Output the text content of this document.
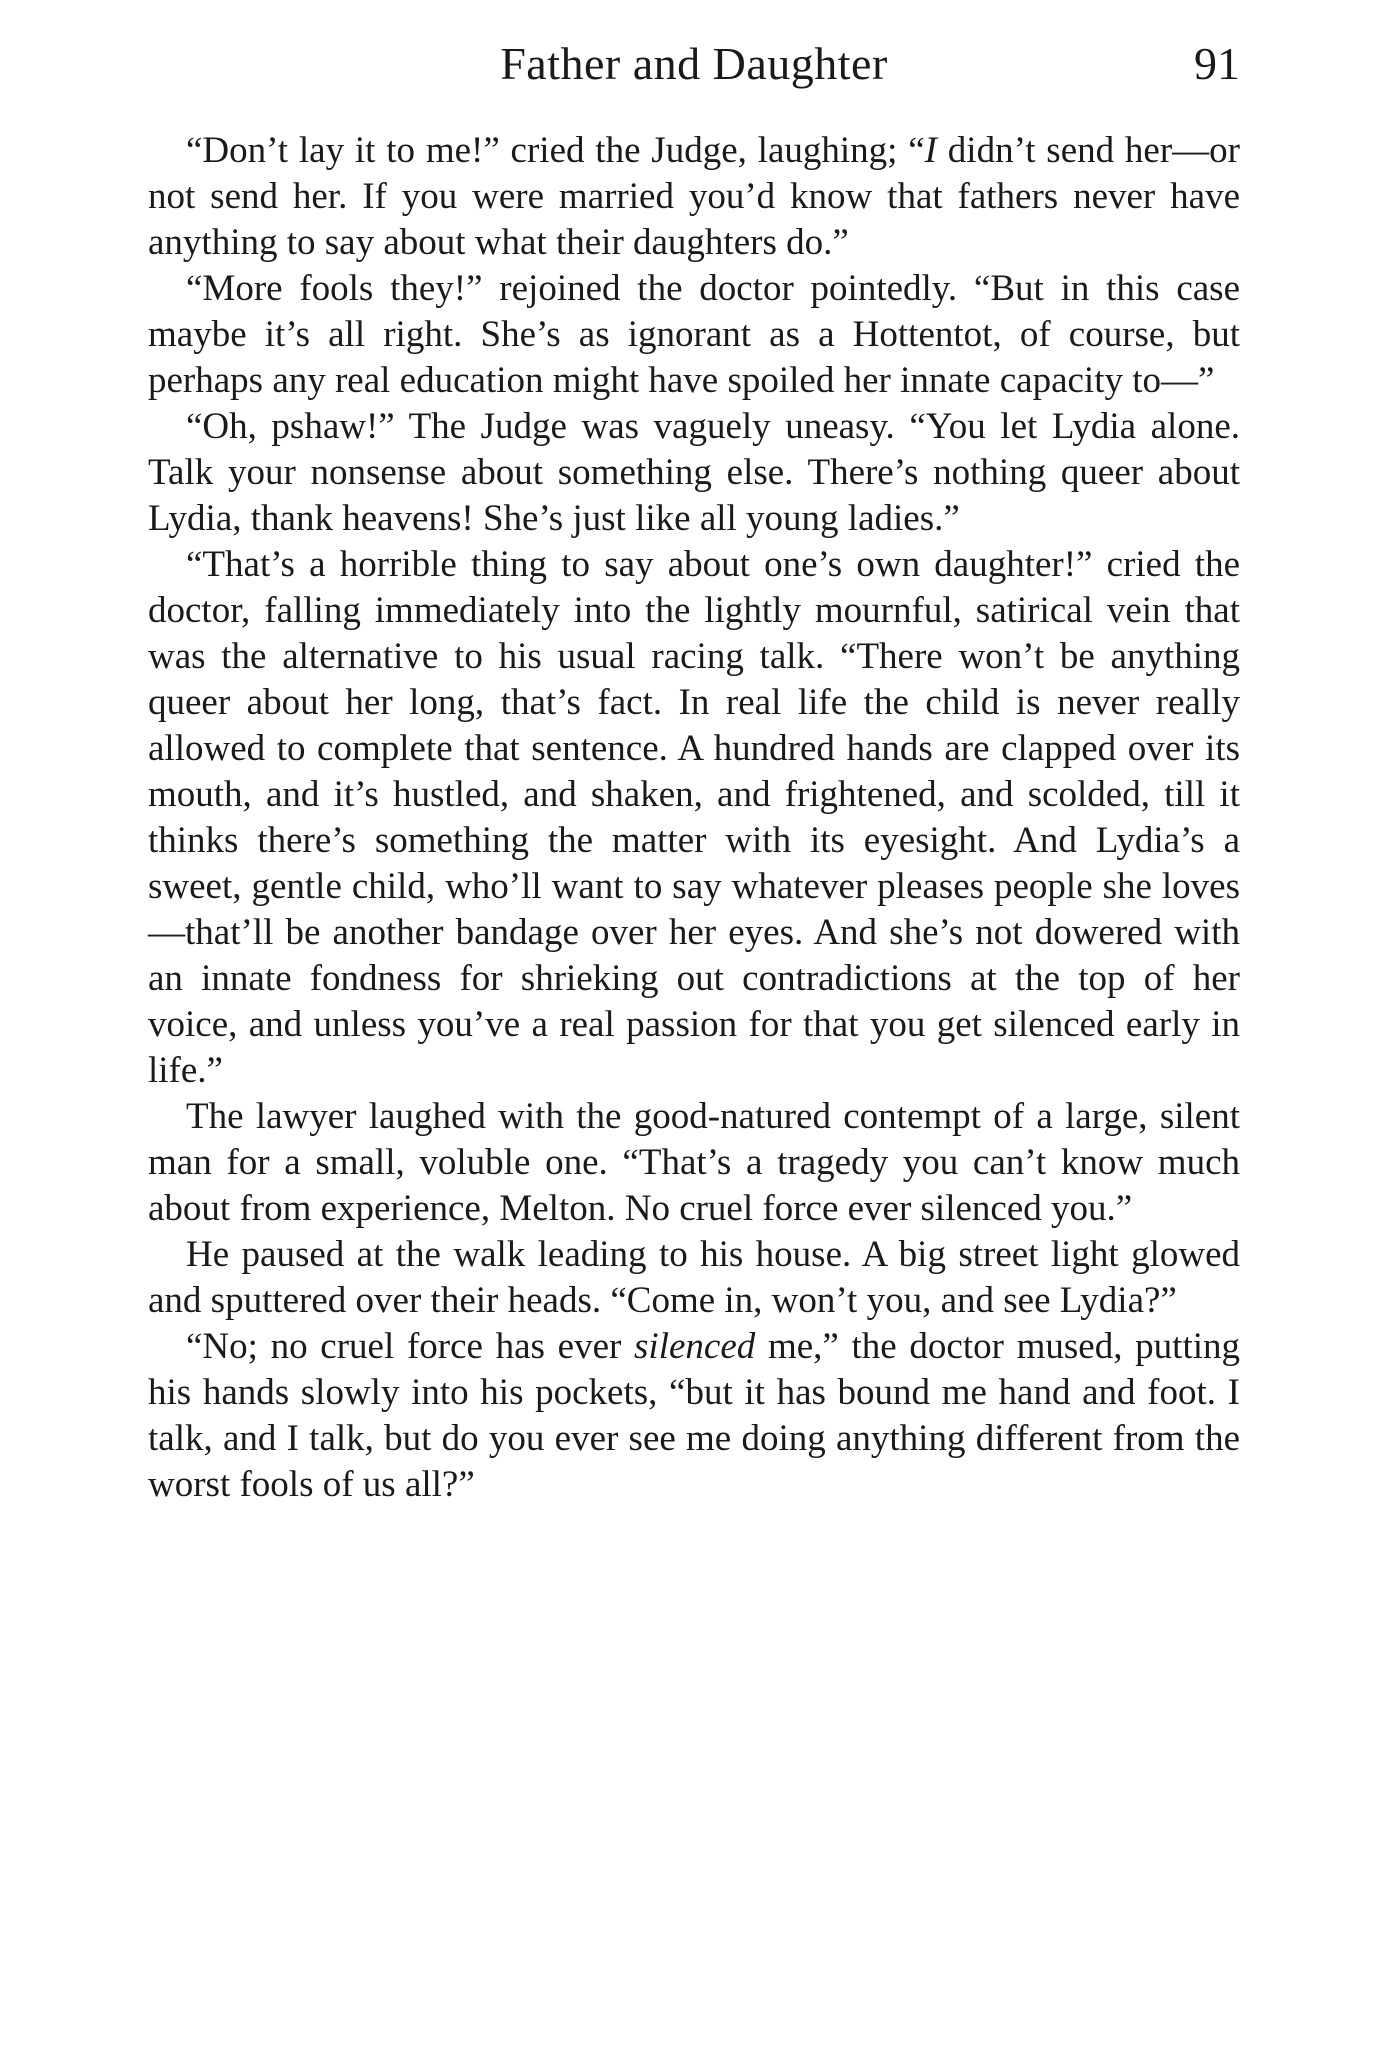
Father and Daughter	91

“Don’t lay it to me!” cried the Judge, laughing; “I didn’t send her—or not send her. If you were married you’d know that fathers never have anything to say about what their daughters do.”

“More fools they!” rejoined the doctor pointedly. “But in this case maybe it’s all right. She’s as ignorant as a Hottentot, of course, but perhaps any real education might have spoiled her innate capacity to—”

“Oh, pshaw!” The Judge was vaguely uneasy. “You let Lydia alone. Talk your nonsense about something else. There’s nothing queer about Lydia, thank heavens! She’s just like all young ladies.”

“That’s a horrible thing to say about one’s own daughter!” cried the doctor, falling immediately into the lightly mournful, satirical vein that was the alternative to his usual racing talk. “There won’t be anything queer about her long, that’s fact. In real life the child is never really allowed to complete that sentence. A hundred hands are clapped over its mouth, and it’s hustled, and shaken, and frightened, and scolded, till it thinks there’s something the matter with its eyesight. And Lydia’s a sweet, gentle child, who’ll want to say whatever pleases people she loves—that’ll be another bandage over her eyes. And she’s not dowered with an innate fondness for shrieking out contradictions at the top of her voice, and unless you’ve a real passion for that you get silenced early in life.”

The lawyer laughed with the good-natured contempt of a large, silent man for a small, voluble one. “That’s a tragedy you can’t know much about from experience, Melton. No cruel force ever silenced you.”

He paused at the walk leading to his house. A big street light glowed and sputtered over their heads. “Come in, won’t you, and see Lydia?”

“No; no cruel force has ever silenced me,” the doctor mused, putting his hands slowly into his pockets, “but it has bound me hand and foot. I talk, and I talk, but do you ever see me doing anything different from the worst fools of us all?”
